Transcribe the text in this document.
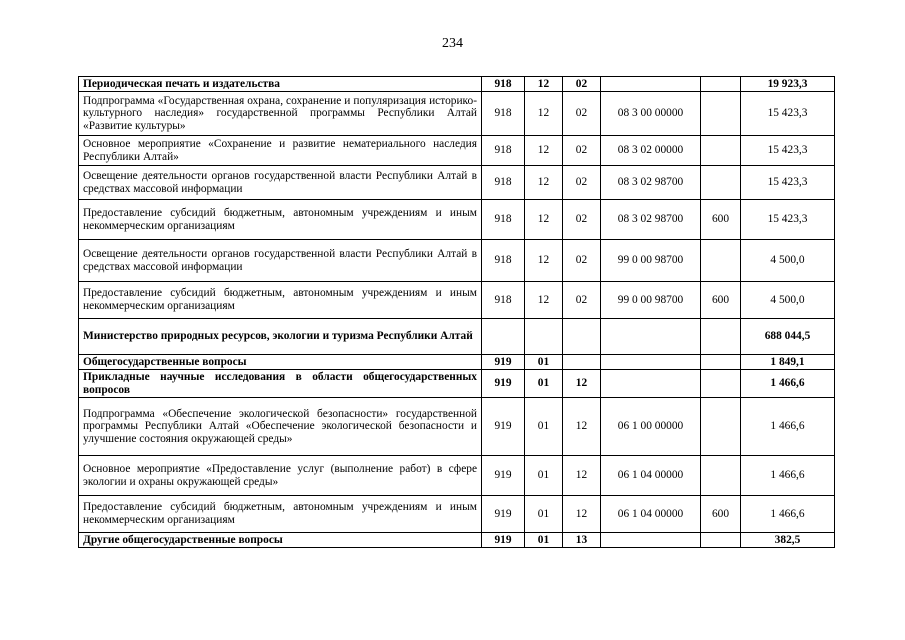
234
Периодическая печать и издательства	918	12	02			19 923,3
Подпрограмма «Государственная охрана, сохранение и популяризация историко-культурного наследия» государственной программы Республики Алтай «Развитие культуры»	918	12	02	08 3 00 00000		15 423,3
Основное мероприятие «Сохранение и развитие нематериального наследия Республики Алтай»	918	12	02	08 3 02 00000		15 423,3
Освещение деятельности органов государственной власти Республики Алтай в средствах массовой информации	918	12	02	08 3 02 98700		15 423,3
Предоставление субсидий бюджетным, автономным учреждениям и иным некоммерческим организациям	918	12	02	08 3 02 98700	600	15 423,3
Освещение деятельности органов государственной власти Республики Алтай в средствах массовой информации	918	12	02	99 0 00 98700		4 500,0
Предоставление субсидий бюджетным, автономным учреждениям и иным некоммерческим организациям	918	12	02	99 0 00 98700	600	4 500,0
Министерство природных ресурсов, экологии и туризма Республики Алтай						688 044,5
Общегосударственные вопросы	919	01				1 849,1
Прикладные научные исследования в области общегосударственных вопросов	919	01	12			1 466,6
Подпрограмма «Обеспечение экологической безопасности» государственной программы Республики Алтай «Обеспечение экологической безопасности и улучшение состояния окружающей среды»	919	01	12	06 1 00 00000		1 466,6
Основное мероприятие «Предоставление услуг (выполнение работ) в сфере экологии и охраны окружающей среды»	919	01	12	06 1 04 00000		1 466,6
Предоставление субсидий бюджетным, автономным учреждениям и иным некоммерческим организациям	919	01	12	06 1 04 00000	600	1 466,6
Другие общегосударственные вопросы	919	01	13			382,5
